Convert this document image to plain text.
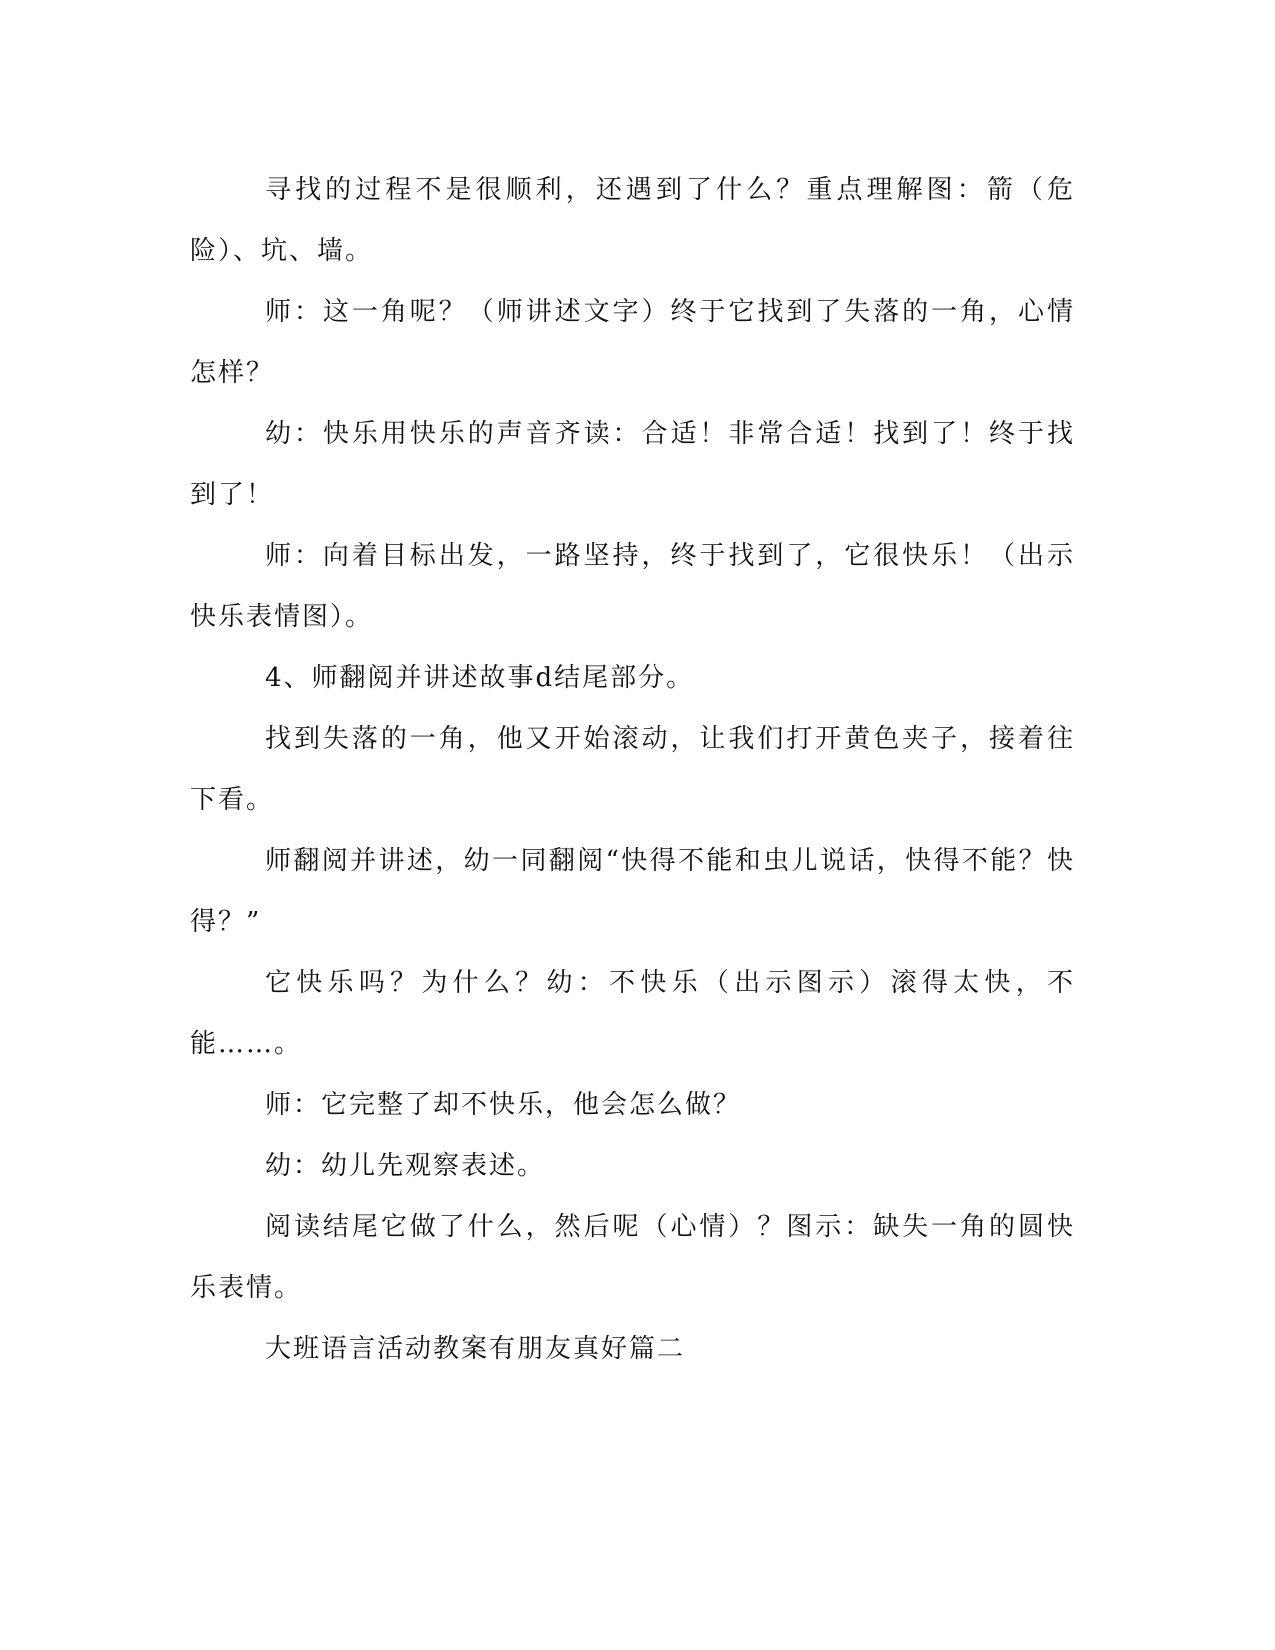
寻找的过程不是很顺利，还遇到了什么？重点理解图：箭（危险）、坑、墙。

师：这一角呢？（师讲述文字）终于它找到了失落的一角，心情怎样？

幼：快乐用快乐的声音齐读：合适！非常合适！找到了！终于找到了！

师：向着目标出发，一路坚持，终于找到了，它很快乐！（出示快乐表情图）。

4、师翻阅并讲述故事d结尾部分。

找到失落的一角，他又开始滚动，让我们打开黄色夹子，接着往下看。

师翻阅并讲述，幼一同翻阅“快得不能和虫儿说话，快得不能？快得？”

它快乐吗？为什么？幼：不快乐（出示图示）滚得太快，不能……。

师：它完整了却不快乐，他会怎么做？

幼：幼儿先观察表述。

阅读结尾它做了什么，然后呢（心情）？图示：缺失一角的圆快乐表情。

大班语言活动教案有朋友真好篇二
